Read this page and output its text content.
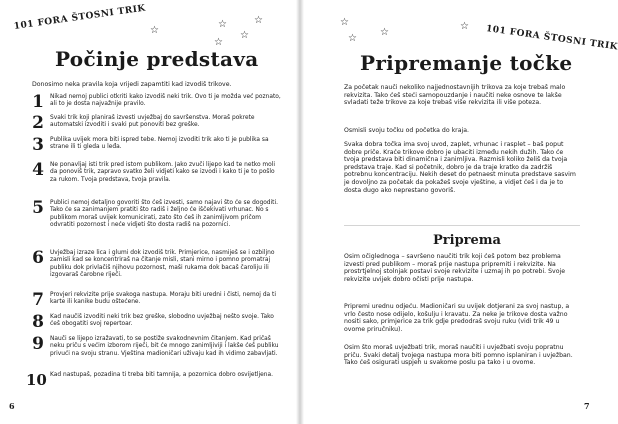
101 FORA ŠTOSNI TRIK ☆
☆
☆
☆
☆
Počinje predstava
Donosimo neka pravila koja vrijedi zapamtiti kad izvodiš trikove.
1 Nikad nemoj publici otkriti kako izvodiš neki trik. Ovo ti je možda već poznato, ali to je dosta najvažnije pravilo.
2 Svaki trik koji planiraš izvesti uvježbaj do savršenstva. Moraš pokrete automatski izvoditi i svaki put ponoviti bez greške.
3 Publika uvijek mora biti ispred tebe. Nemoj izvoditi trik ako ti je publika sa strane ili ti gleda u leđa.
4 Ne ponavljaj isti trik pred istom publikom. Jako zvuči lijepo kad te netko moli da ponoviš trik, zapravo svatko želi vidjeti kako se izvodi i kako ti je to pošlo za rukom. Tvoja predstava, tvoja pravila.
5 Publici nemoj detaljno govoriti što ćeš izvesti, samo najavi što će se dogoditi. Tako će sa zanimanjem pratiti što radiš i željno će iščekivati vrhunac. No s publikom moraš uvijek komunicirati, zato što ćeš ih zanimljivom pričom odvratiti pozornost i neće vidjeti što dosta radiš na pozornici.
6 Uvježbaj izraze lica i glumi dok izvodiš trik. Primjerice, nasmiješ se i ozbiljno zamisli kad se koncentriraš na čitanje misli, stani mirno i pomno promatraj publiku dok privlačiš njihovu pozornost, maši rukama dok bacaš čaroliju ili izgovaraš čarobne riječi.
7 Provjeri rekvizite prije svakoga nastupa. Moraju biti uredni i čisti, nemoj da ti karte ili kanike budu oštećene.
8 Kad naučiš izvoditi neki trik bez greške, slobodno uvježbaj nešto svoje. Tako ćeš obogatiti svoj repertoar.
9 Nauči se lijepo izražavati, to se postiže svakodnevnim čitanjem. Kad pričaš neku priču s većim izborom riječi, bit će mnogo zanimljiviji i lakše ćeš publiku privući na svoju stranu. Vještina madioničari uživaju kad ih vidimo zabavljati.
10 Kad nastupaš, pozadina ti treba biti tamnija, a pozornica dobro osvijetljena.
6
101 FORA ŠTOSNI TRIK
☆
☆
☆
☆
Pripremanje točke
Za početak nauči nekoliko najjednostavnijih trikova za koje trebaš malo rekvizita. Tako ćeš steći samopouzdanje i naučiti neke osnove te lakše svladati teže trikove za koje trebaš više rekvizita ili više poteza.
Osmisli svoju točku od početka do kraja.
Svaka dobra točka ima svoj uvod, zaplet, vrhunac i rasplet – baš poput dobre priče. Kraće trikove dobro je ubaciti između nekih dužih. Tako će tvoja predstava biti dinamična i zanimljiva. Razmisli koliko želiš da tvoja predstava traje. Kad si početnik, dobro je da traje kratko da zadržiš potrebnu koncentraciju. Nekih deset do petnaest minuta predstave sasvim je dovoljno za početak da pokažeš svoje vještine, a vidjet ćeš i da je to dosta dugo ako neprestano govoriš.
Priprema
Osim očiglednoga – savršeno naučiti trik koji ćeš potom bez problema izvesti pred publikom – moraš prije nastupa pripremiti i rekvizite. Na prostrtjelnoj stolnjak postavi svoje rekvizite i uzmaj ih po potrebi. Svoje rekvizite uvijek dobro očisti prije nastupa.
Pripremi urednu odjeću. Madioničari su uvijek dotjerani za svoj nastup, a vrlo često nose odijelo, košulju i kravatu. Za neke je trikove dosta važno nositi sako, primjerice za trik gdje predodraš svoju ruku (vidi trik 49 u ovome priručniku).
Osim što moraš uvježbati trik, moraš naučiti i uvježbati svoju popratnu priču. Svaki detalj tvojega nastupa mora biti pomno isplaniran i uvježban. Tako ćeš osigurati uspjeh u svakome poslu pa tako i u ovome.
7
